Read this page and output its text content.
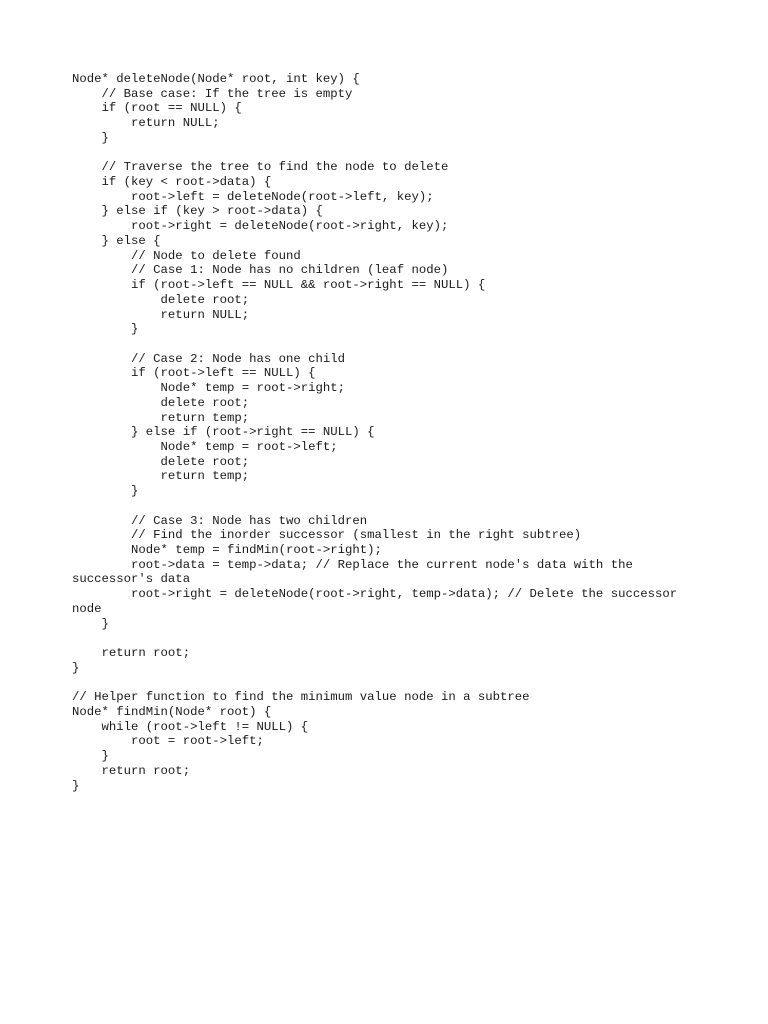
Node* deleteNode(Node* root, int key) {
// Base case: If the tree is empty
if (root == NULL) {
return NULL;
}
// Traverse the tree to find the node to delete
if (key < root->data) {
root->left = deleteNode(root->left, key);
} else if (key > root->data) {
root->right = deleteNode(root->right, key);
} else {
// Node to delete found
// Case 1: Node has no children (leaf node)
if (root->left == NULL && root->right == NULL) {
delete root;
return NULL;
}
// Case 2: Node has one child
if (root->left == NULL) {
Node* temp = root->right;
delete root;
return temp;
} else if (root->right == NULL) {
Node* temp = root->left;
delete root;
return temp;
}
// Case 3: Node has two children
// Find the inorder successor (smallest in the right subtree)
Node* temp = findMin(root->right);
root->data = temp->data; // Replace the current node's data with the
successor's data
root->right = deleteNode(root->right, temp->data); // Delete the successor
node
}
return root;
}
// Helper function to find the minimum value node in a subtree
Node* findMin(Node* root) {
while (root->left != NULL) {
root = root->left;
}
return root;
}
